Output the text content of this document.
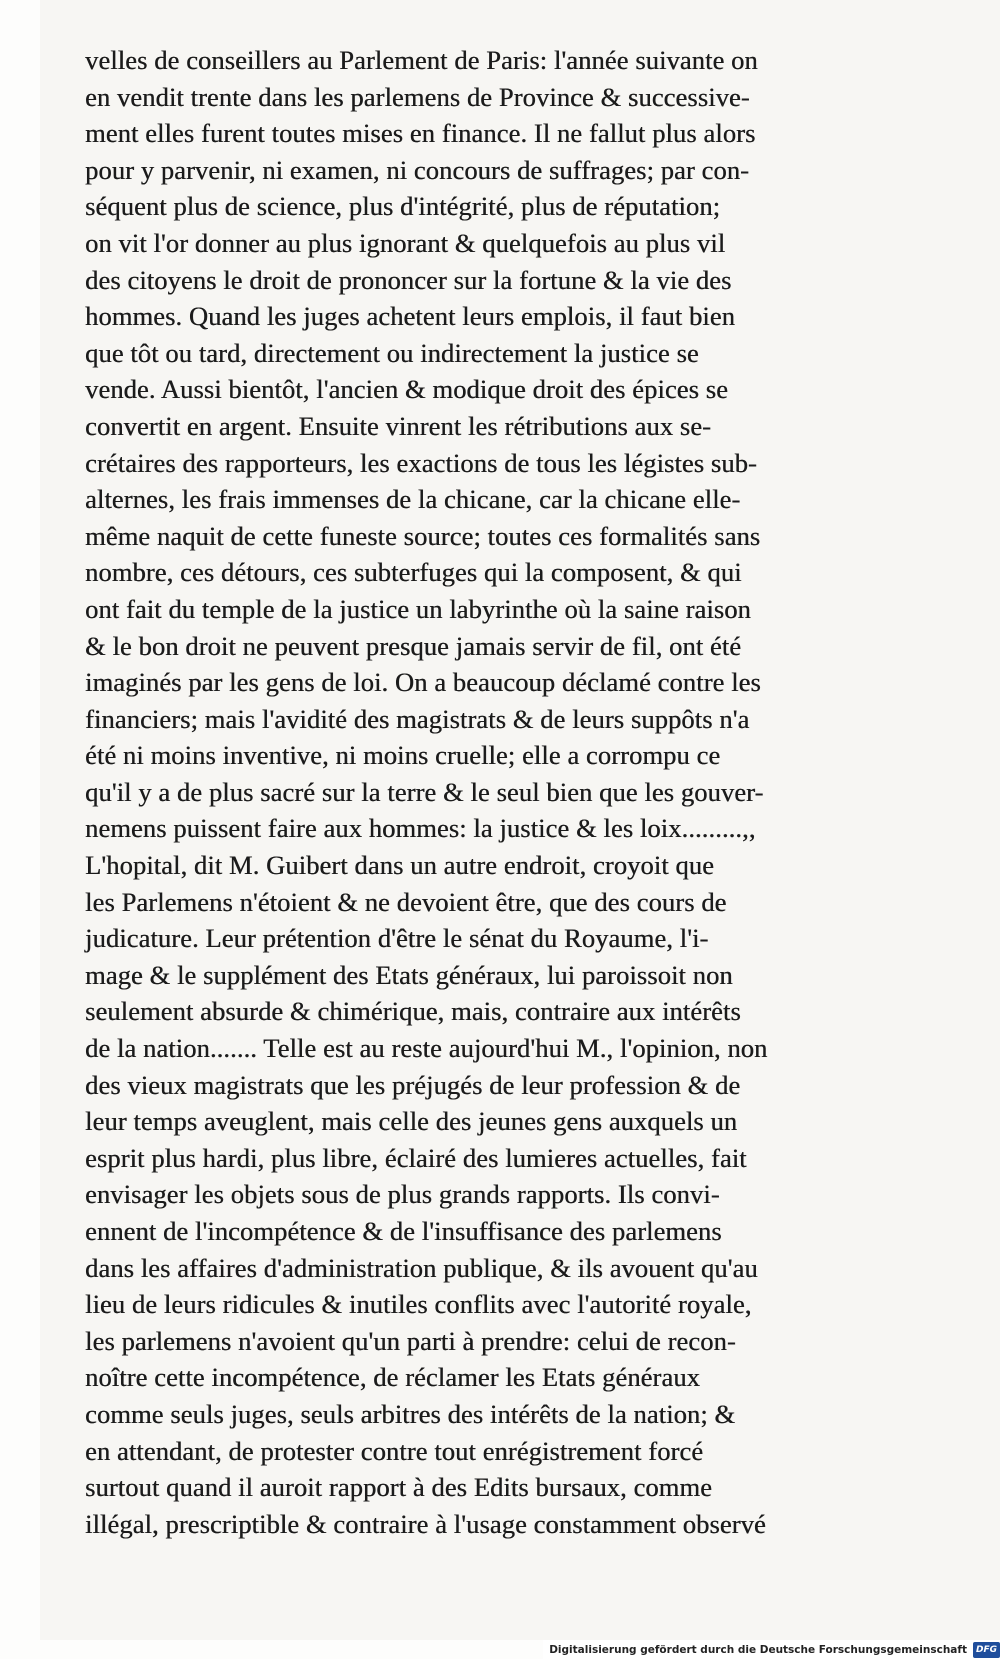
velles de conseillers au Parlement de Paris: l'année suivante on
en vendit trente dans les parlemens de Province & successive-
ment elles furent toutes mises en finance. Il ne fallut plus alors
pour y parvenir, ni examen, ni concours de suffrages; par con-
séquent plus de science, plus d'intégrité, plus de réputation;
on vit l'or donner au plus ignorant & quelquefois au plus vil
des citoyens le droit de prononcer sur la fortune & la vie des
hommes. Quand les juges achetent leurs emplois, il faut bien
que tôt ou tard, directement ou indirectement la justice se
vende. Aussi bientôt, l'ancien & modique droit des épices se
convertit en argent. Ensuite vinrent les rétributions aux se-
crétaires des rapporteurs, les exactions de tous les légistes sub-
alternes, les frais immenses de la chicane, car la chicane elle-
même naquit de cette funeste source; toutes ces formalités sans
nombre, ces détours, ces subterfuges qui la composent, & qui
ont fait du temple de la justice un labyrinthe où la saine raison
& le bon droit ne peuvent presque jamais servir de fil, ont été
imaginés par les gens de loi. On a beaucoup déclamé contre les
financiers; mais l'avidité des magistrats & de leurs suppôts n'a
été ni moins inventive, ni moins cruelle; elle a corrompu ce
qu'il y a de plus sacré sur la terre & le seul bien que les gouver-
nemens puissent faire aux hommes: la justice & les loix.........,,
L'hopital, dit M. Guibert dans un autre endroit, croyoit que
les Parlemens n'étoient & ne devoient être, que des cours de
judicature. Leur prétention d'être le sénat du Royaume, l'i-
mage & le supplément des Etats généraux, lui paroissoit non
seulement absurde & chimérique, mais, contraire aux intérêts
de la nation....... Telle est au reste aujourd'hui M., l'opinion, non
des vieux magistrats que les préjugés de leur profession & de
leur temps aveuglent, mais celle des jeunes gens auxquels un
esprit plus hardi, plus libre, éclairé des lumieres actuelles, fait
envisager les objets sous de plus grands rapports. Ils convi-
ennent de l'incompétence & de l'insuffisance des parlemens
dans les affaires d'administration publique, & ils avouent qu'au
lieu de leurs ridicules & inutiles conflits avec l'autorité royale,
les parlemens n'avoient qu'un parti à prendre: celui de recon-
noître cette incompétence, de réclamer les Etats généraux
comme seuls juges, seuls arbitres des intérêts de la nation; &
en attendant, de protester contre tout enrégistrement forcé
surtout quand il auroit rapport à des Edits bursaux, comme
illégal, prescriptible & contraire à l'usage constamment observé
Digitalisierung gefördert durch die Deutsche Forschungsgemeinschaft	DFG
